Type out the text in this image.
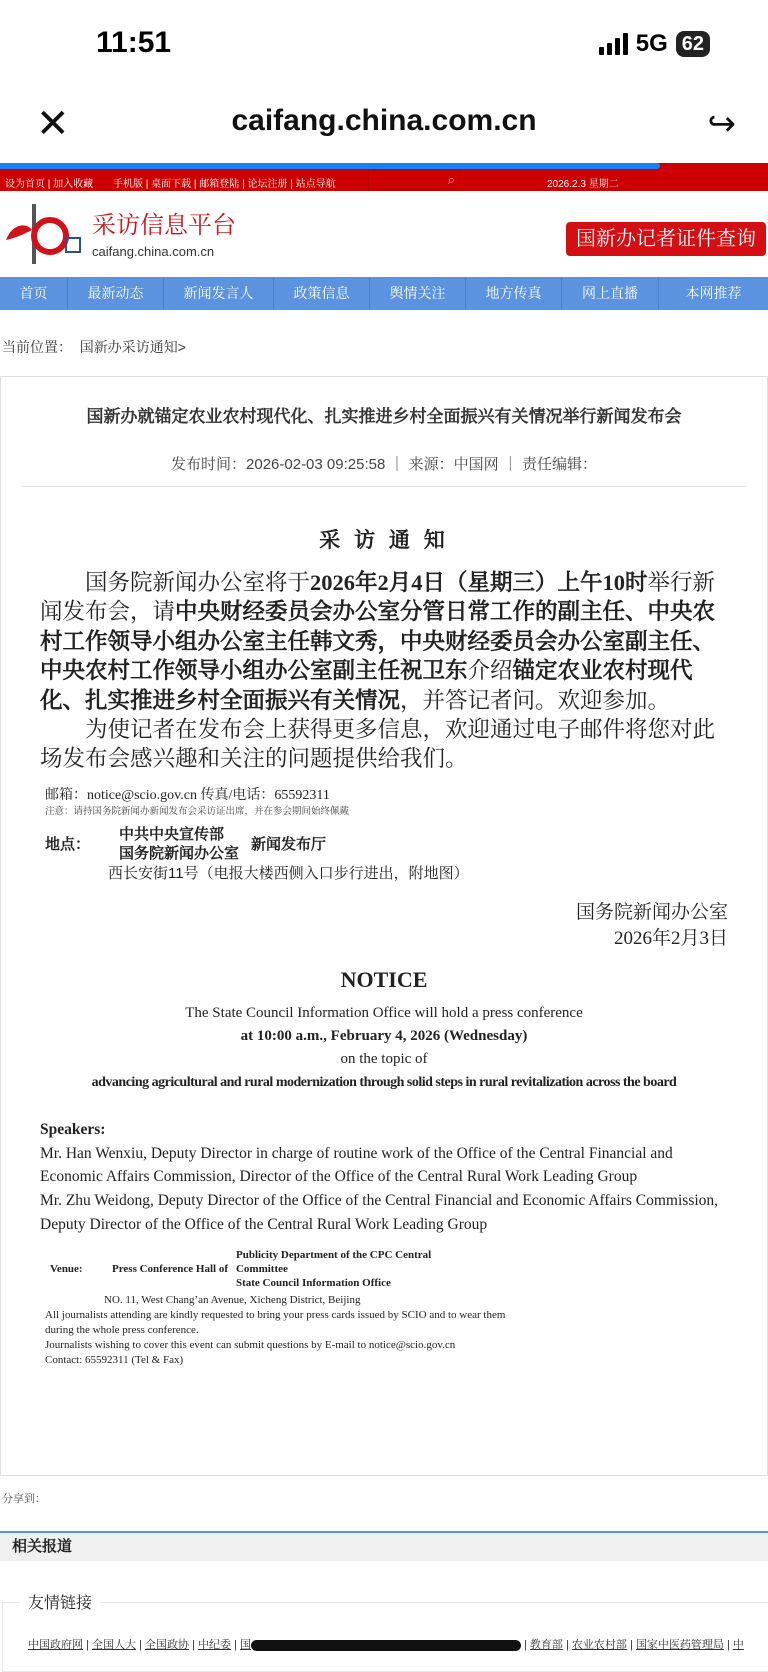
11:51	5G 62
✕	caifang.china.com.cn	↪
设为首页 | 加入收藏 手机版 | 桌面下载 | 邮箱登陆 | 论坛注册 | 站点导航	⌕	2026.2.3 星期二
采访信息平台
caifang.china.com.cn
国新办记者证件查询
首页	最新动态	新闻发言人	政策信息	舆情关注	地方传真	网上直播	本网推荐
当前位置： 国新办采访通知>
国新办就锚定农业农村现代化、扎实推进乡村全面振兴有关情况举行新闻发布会
发布时间：2026-02-03 09:25:58 ｜ 来源：中国网 ｜ 责任编辑：
采 访 通 知

国务院新闻办公室将于2026年2月4日（星期三）上午10时举行新闻发布会，请中央财经委员会办公室分管日常工作的副主任、中央农村工作领导小组办公室主任韩文秀，中央财经委员会办公室副主任、中央农村工作领导小组办公室副主任祝卫东介绍锚定农业农村现代化、扎实推进乡村全面振兴有关情况，并答记者问。欢迎参加。

为使记者在发布会上获得更多信息，欢迎通过电子邮件将您对此场发布会感兴趣和关注的问题提供给我们。

邮箱：notice@scio.gov.cn 传真/电话：65592311
注意：请持国务院新闻办新闻发布会采访证出席，并在参会期间始终佩戴
地点：
中共中央宣传部
国务院新闻办公室 新闻发布厅
西长安街11号（电报大楼西侧入口步行进出，附地图）
国务院新闻办公室
2026年2月3日
NOTICE
The State Council Information Office will hold a press conference
at 10:00 a.m., February 4, 2026 (Wednesday)
on the topic of
advancing agricultural and rural modernization through solid steps in rural revitalization across the board
Speakers:
Mr. Han Wenxiu, Deputy Director in charge of routine work of the Office of the Central Financial and Economic Affairs Commission, Director of the Office of the Central Rural Work Leading Group
Mr. Zhu Weidong, Deputy Director of the Office of the Central Financial and Economic Affairs Commission, Deputy Director of the Office of the Central Rural Work Leading Group
Venue:	Press Conference Hall of
Publicity Department of the CPC Central Committee
State Council Information Office
NO. 11, West Chang’an Avenue, Xicheng District, Beijing
All journalists attending are kindly requested to bring your press cards issued by SCIO and to wear them during the whole press conference.
Journalists wishing to cover this event can submit questions by E-mail to notice@scio.gov.cn
Contact: 65592311 (Tel & Fax)
分享到：
相关报道
友情链接
中国政府网 | 全国人大 | 全国政协 | 中纪委 | 国	| 教育部 | 农业农村部 | 国家中医药管理局 | 中
